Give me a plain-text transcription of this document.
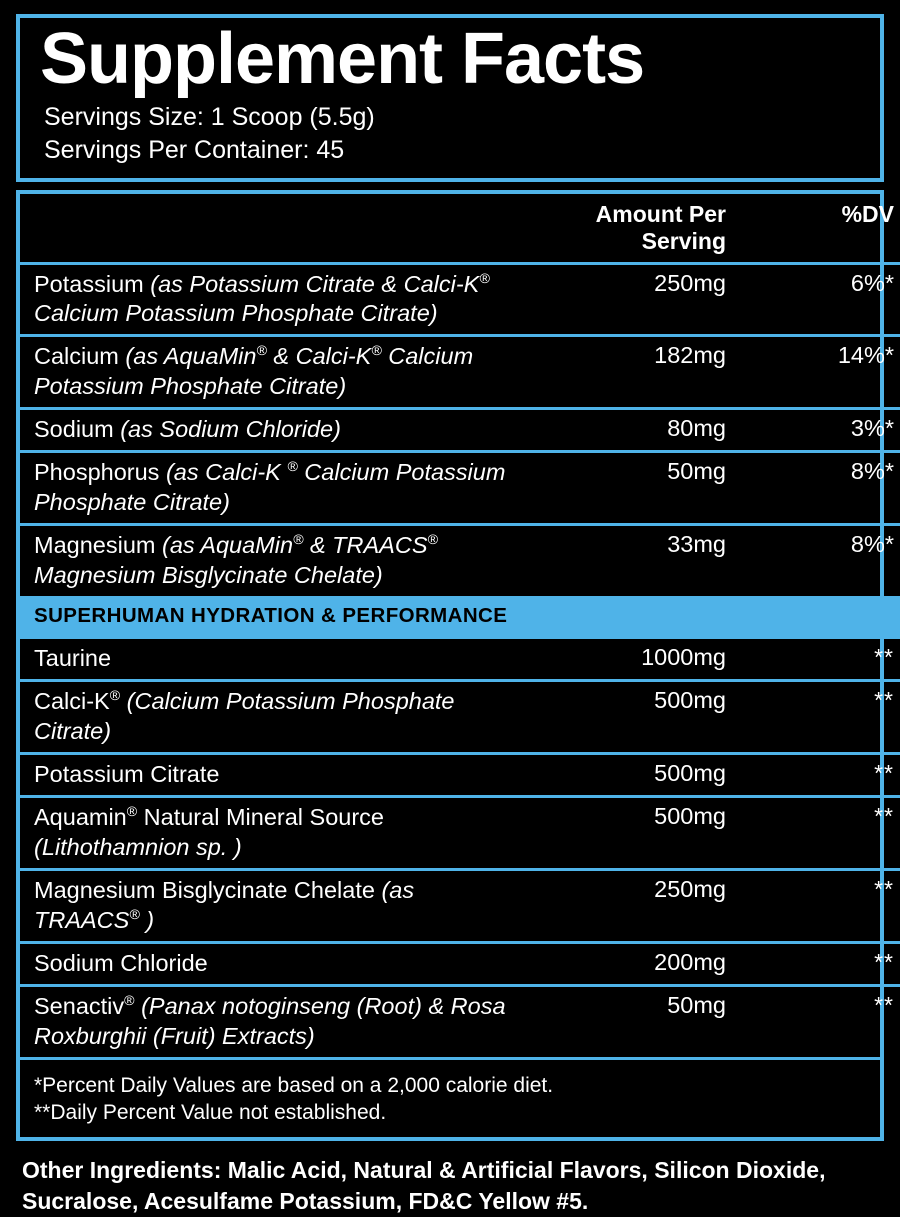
Supplement Facts
Servings Size: 1 Scoop (5.5g)
Servings Per Container: 45
	Amount Per Serving	%DV
Potassium (as Potassium Citrate & Calci-K® Calcium Potassium Phosphate Citrate)	250mg	6%*
Calcium (as AquaMin® & Calci-K® Calcium Potassium Phosphate Citrate)	182mg	14%*
Sodium (as Sodium Chloride)	80mg	3%*
Phosphorus (as Calci-K ® Calcium Potassium Phosphate Citrate)	50mg	8%*
Magnesium (as AquaMin® & TRAACS® Magnesium Bisglycinate Chelate)	33mg	8%*

SUPERHUMAN HYDRATION & PERFORMANCE		

Taurine	1000mg	**
Calci-K® (Calcium Potassium Phosphate Citrate)	500mg	**
Potassium Citrate	500mg	**
Aquamin® Natural Mineral Source (Lithothamnion sp. )	500mg	**
Magnesium Bisglycinate Chelate (as TRAACS® )	250mg	**
Sodium Chloride	200mg	**
Senactiv® (Panax notoginseng (Root) & Rosa Roxburghii (Fruit) Extracts)	50mg	**
*Percent Daily Values are based on a 2,000 calorie diet.
**Daily Percent Value not established.
Other Ingredients: Malic Acid, Natural & Artificial Flavors, Silicon Dioxide, Sucralose, Acesulfame Potassium, FD&C Yellow #5.
